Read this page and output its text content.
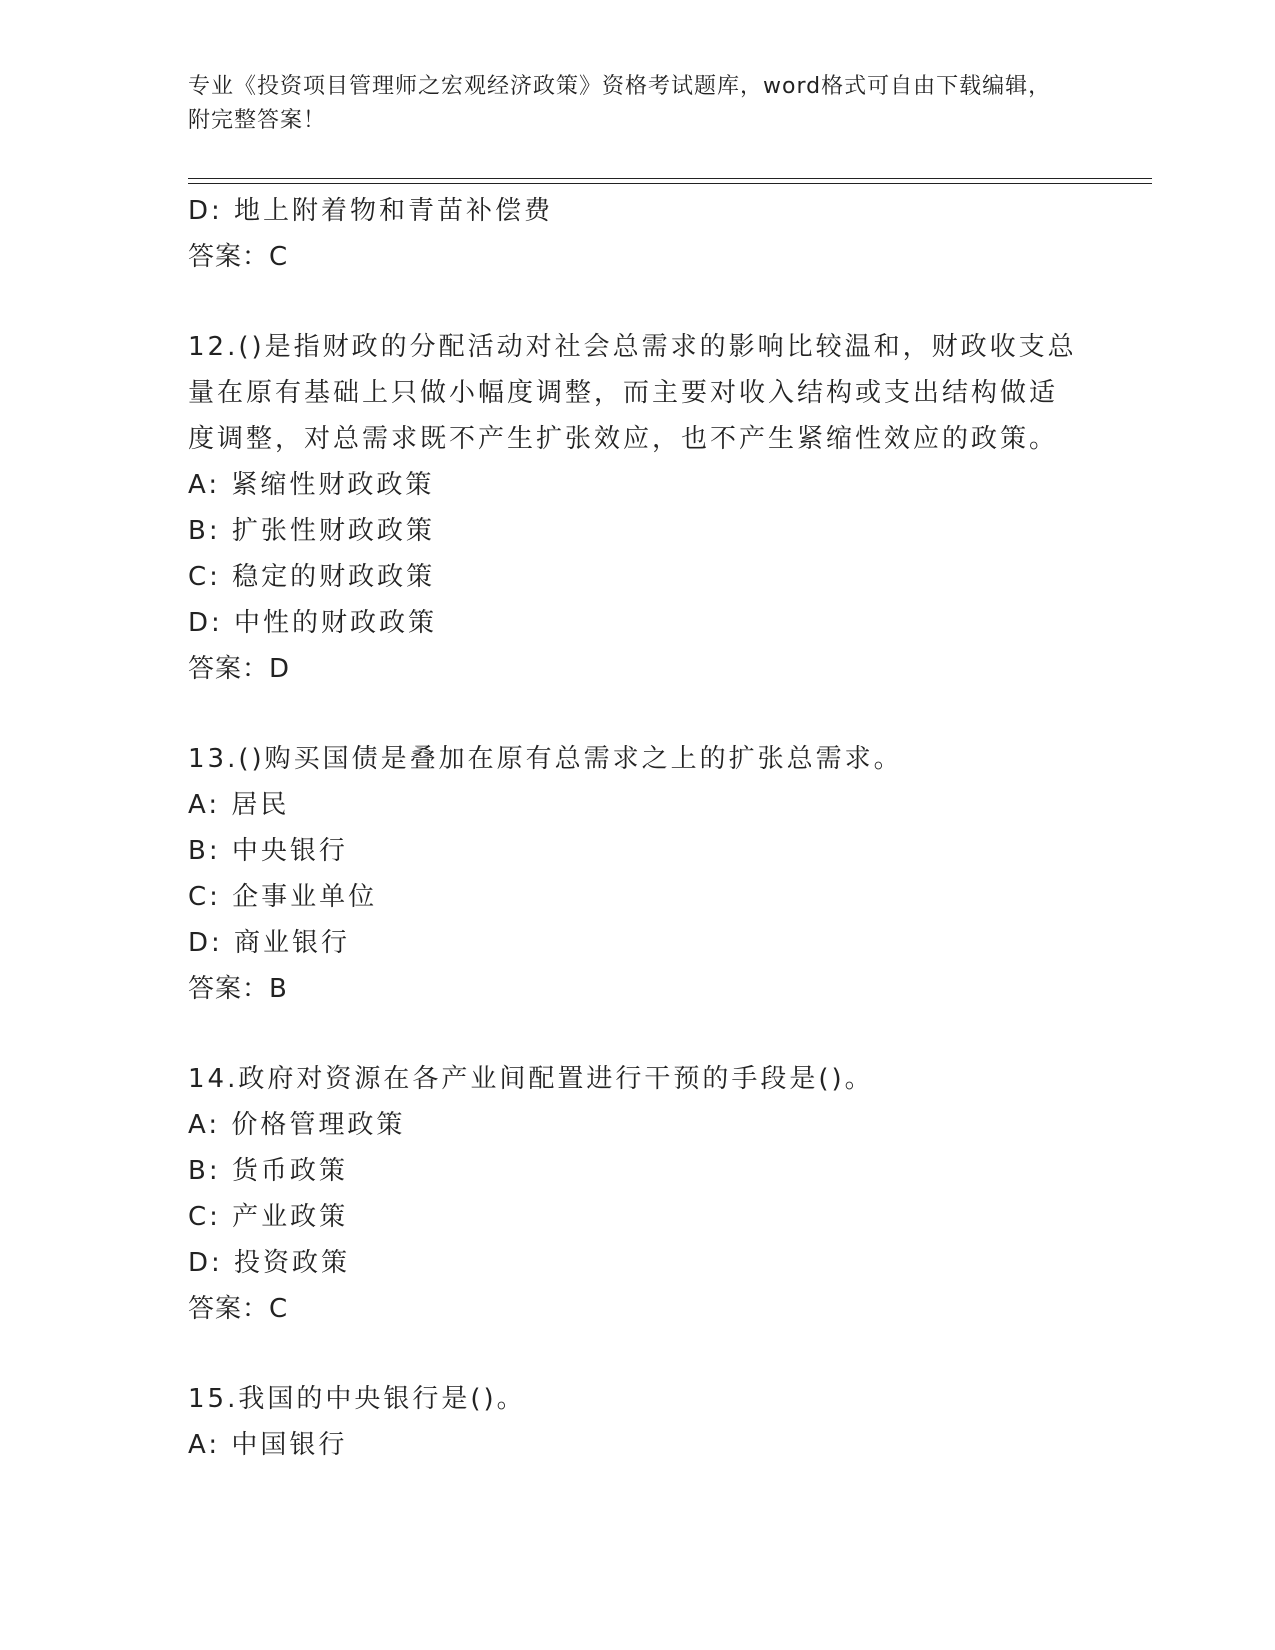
专业《投资项目管理师之宏观经济政策》资格考试题库，word格式可自由下载编辑，附完整答案！
D: 地上附着物和青苗补偿费
答案：C
12.()是指财政的分配活动对社会总需求的影响比较温和，财政收支总
量在原有基础上只做小幅度调整，而主要对收入结构或支出结构做适
度调整，对总需求既不产生扩张效应，也不产生紧缩性效应的政策。
A: 紧缩性财政政策
B: 扩张性财政政策
C: 稳定的财政政策
D: 中性的财政政策
答案：D
13.()购买国债是叠加在原有总需求之上的扩张总需求。
A: 居民
B: 中央银行
C: 企事业单位
D: 商业银行
答案：B
14.政府对资源在各产业间配置进行干预的手段是()。
A: 价格管理政策
B: 货币政策
C: 产业政策
D: 投资政策
答案：C
15.我国的中央银行是()。
A: 中国银行
